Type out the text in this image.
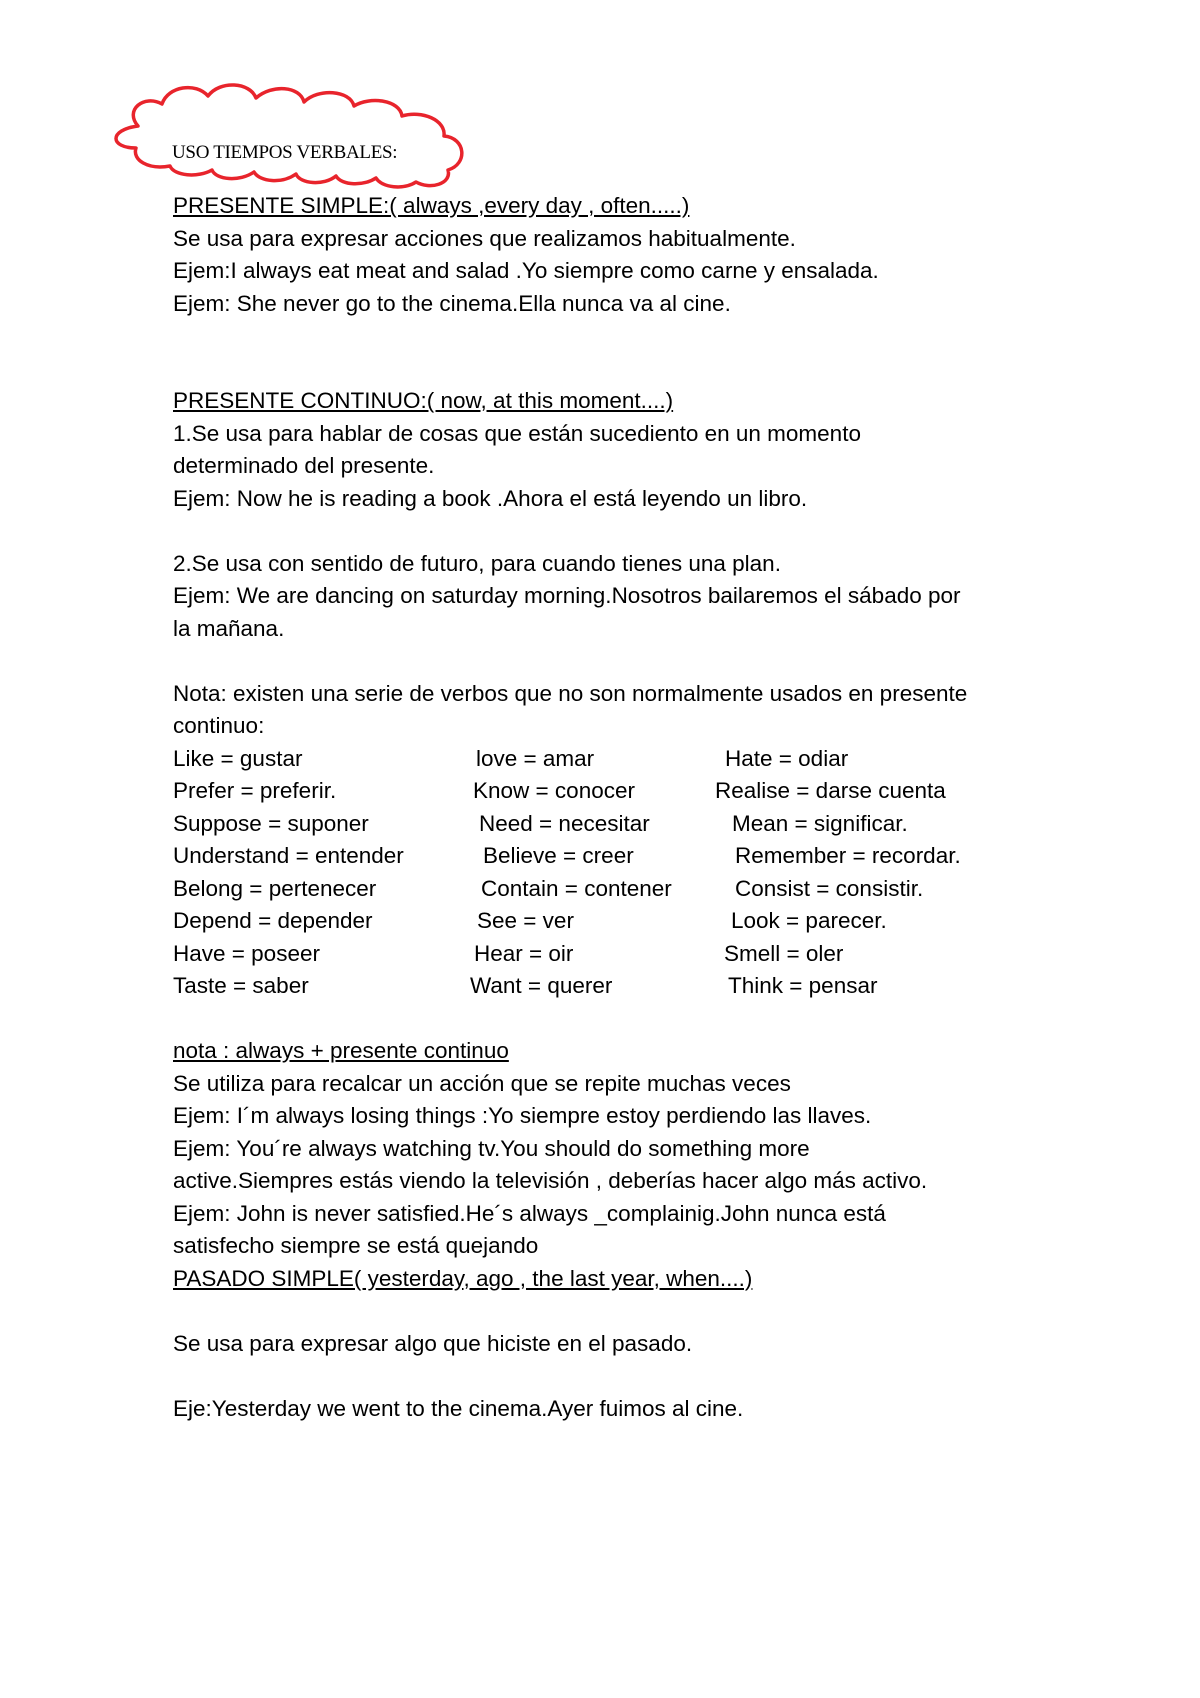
USO TIEMPOS VERBALES:
PRESENTE SIMPLE:( always ,every day , often.....)
Se usa para expresar acciones que realizamos habitualmente.
Ejem:I always eat meat and salad .Yo siempre como carne y ensalada.
Ejem: She never go to the cinema.Ella nunca va al cine.
PRESENTE CONTINUO:( now, at this moment....)
1.Se usa para hablar de cosas que están sucediento en un momento
determinado del presente.
Ejem: Now he is reading a book .Ahora el está leyendo un libro.
2.Se usa con sentido de futuro, para cuando tienes una plan.
Ejem: We are dancing on saturday morning.Nosotros bailaremos el sábado por
la mañana.
Nota: existen una serie de verbos que no son normalmente usados en presente
continuo:
Like = gustar	love = amar	Hate = odiar
Prefer = preferir.	Know = conocer	Realise = darse cuenta
Suppose = suponer	Need = necesitar	Mean = significar.
Understand = entender	Believe = creer	Remember = recordar.
Belong = pertenecer	Contain = contener	Consist = consistir.
Depend = depender	See = ver	Look = parecer.
Have = poseer	Hear = oir	Smell = oler
Taste = saber	Want = querer	Think = pensar
nota : always + presente continuo
Se utiliza para recalcar un acción que se repite muchas veces
Ejem: I´m always losing things :Yo siempre estoy perdiendo las llaves.
Ejem: You´re always watching tv.You should do something more
active.Siempres estás viendo la televisión , deberías hacer algo más activo.
Ejem: John is never satisfied.He´s always _complainig.John nunca está
satisfecho siempre se está quejando
PASADO SIMPLE( yesterday, ago , the last year, when....)
Se usa para expresar algo que hiciste en el pasado.
Eje:Yesterday we went to the cinema.Ayer fuimos al cine.
